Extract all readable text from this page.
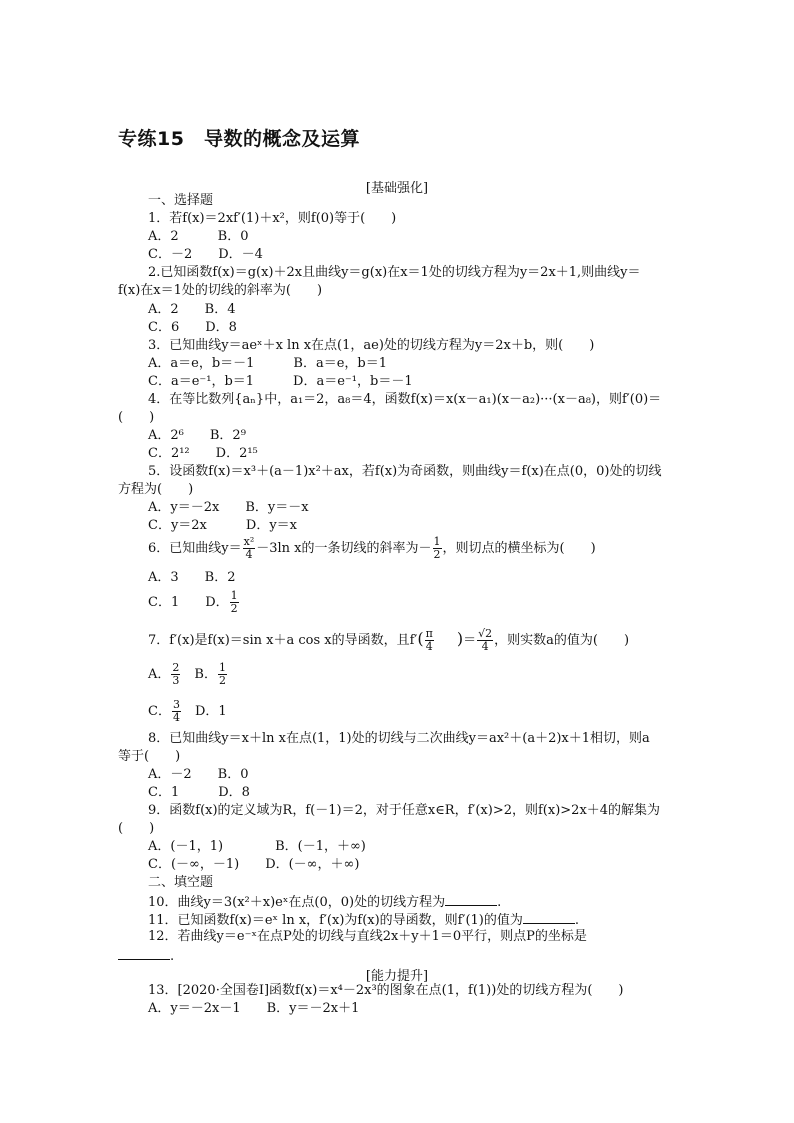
专练15　导数的概念及运算
[基础强化]
一、选择题
1．若f(x)＝2xf′(1)＋x²，则f(0)等于(　　)
A．2　　　B．0
C．－2　　D．－4
2.已知函数f(x)＝g(x)＋2x且曲线y＝g(x)在x＝1处的切线方程为y＝2x＋1,则曲线y＝
f(x)在x＝1处的切线的斜率为(　　)
A．2　　B．4
C．6　　D．8
3．已知曲线y＝aeˣ＋x ln x在点(1，ae)处的切线方程为y＝2x＋b，则(　　)
A．a＝e，b＝－1　　　B．a＝e，b＝1
C．a＝e⁻¹，b＝1　　　D．a＝e⁻¹，b＝－1
4．在等比数列{aₙ}中，a₁＝2，a₈＝4，函数f(x)＝x(x－a₁)(x－a₂)···(x－a₈)，则f′(0)＝
(　　)
A．2⁶　　B．2⁹
C．2¹²　　D．2¹⁵
5．设函数f(x)＝x³＋(a－1)x²＋ax，若f(x)为奇函数，则曲线y＝f(x)在点(0，0)处的切线
方程为(　　)
A．y＝－2x　　B．y＝－x
C．y＝2x　　　D．y＝x
6．已知曲线$y= \frac{\text{x²}}{4} -3\ln$ x的一条切线的斜率为－ $\frac{1}{2}$ ，则切点的横坐标为(　　)
A．3　　B．2
C．1　　D． $\frac{1}{2}$
7．f′(x)是f(x)＝sin x＋a cos x的导函数，且$f'( \frac{\pi}{4}$ )＝ $\frac{√2}{4}$ ，则实数a的值为(　　)
A． $\frac{2}{3}$ 　B． $\frac{1}{2}$
C． $\frac{3}{4}$ 　D．1
8．已知曲线y＝x＋ln x在点(1，1)处的切线与二次曲线y＝ax²＋(a＋2)x＋1相切，则a
等于(　　)
A．－2　　B．0
C．1　　　D．8
9．函数f(x)的定义域为R，f(－1)＝2，对于任意x∈R，f′(x)>2，则f(x)>2x＋4的解集为
(　　)
A．(－1，1)　　　　B．(－1，＋∞)
C．(－∞，－1)　　D．(－∞，＋∞)
二、填空题
10．曲线y＝3(x²＋x)eˣ在点(0，0)处的切线方程为	.
11．已知函数f(x)＝eˣ ln x，f′(x)为f(x)的导函数，则f′(1)的值为	.
12．若曲线y＝e⁻ˣ在点P处的切线与直线2x＋y＋1＝0平行，则点P的坐标是
.
[能力提升]
13．[2020·全国卷Ⅰ]函数f(x)＝x⁴－2x³的图象在点(1，f(1))处的切线方程为(　　)
A．y＝－2x－1　　B．y＝－2x＋1
